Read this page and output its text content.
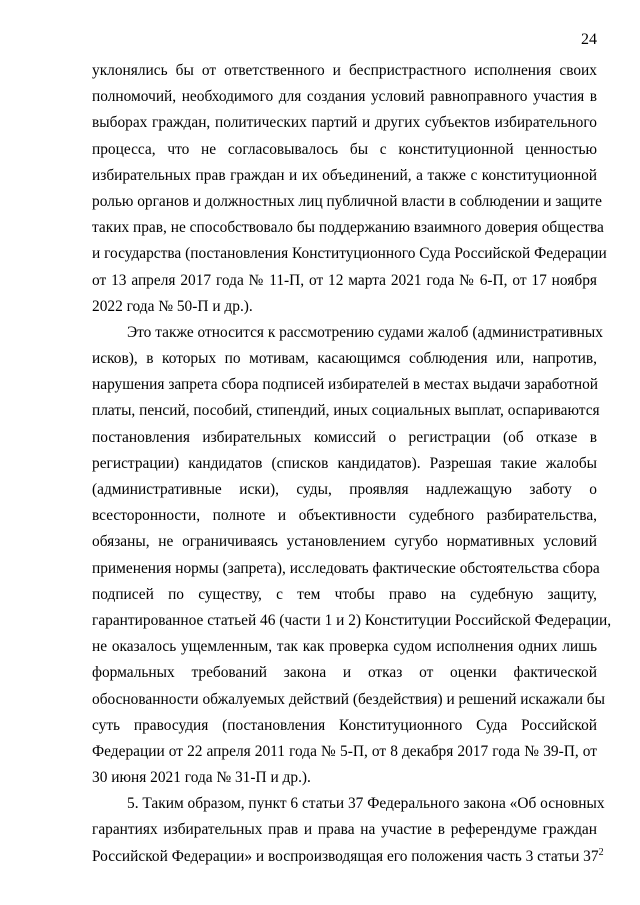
24
уклонялись бы от ответственного и беспристрастного исполнения своих
полномочий, необходимого для создания условий равноправного участия в
выборах граждан, политических партий и других субъектов избирательного
процесса, что не согласовывалось бы с конституционной ценностью
избирательных прав граждан и их объединений, а также с конституционной
ролью органов и должностных лиц публичной власти в соблюдении и защите
таких прав, не способствовало бы поддержанию взаимного доверия общества
и государства (постановления Конституционного Суда Российской Федерации
от 13 апреля 2017 года № 11-П, от 12 марта 2021 года № 6-П, от 17 ноября
2022 года № 50-П и др.).
Это также относится к рассмотрению судами жалоб (административных
исков), в которых по мотивам, касающимся соблюдения или, напротив,
нарушения запрета сбора подписей избирателей в местах выдачи заработной
платы, пенсий, пособий, стипендий, иных социальных выплат, оспариваются
постановления избирательных комиссий о регистрации (об отказе в
регистрации) кандидатов (списков кандидатов). Разрешая такие жалобы
(административные иски), суды, проявляя надлежащую заботу о
всесторонности, полноте и объективности судебного разбирательства,
обязаны, не ограничиваясь установлением сугубо нормативных условий
применения нормы (запрета), исследовать фактические обстоятельства сбора
подписей по существу, с тем чтобы право на судебную защиту,
гарантированное статьей 46 (части 1 и 2) Конституции Российской Федерации,
не оказалось ущемленным, так как проверка судом исполнения одних лишь
формальных требований закона и отказ от оценки фактической
обоснованности обжалуемых действий (бездействия) и решений искажали бы
суть правосудия (постановления Конституционного Суда Российской
Федерации от 22 апреля 2011 года № 5-П, от 8 декабря 2017 года № 39-П, от
30 июня 2021 года № 31-П и др.).
5. Таким образом, пункт 6 статьи 37 Федерального закона «Об основных
гарантиях избирательных прав и права на участие в референдуме граждан
Российской Федерации» и воспроизводящая его положения часть 3 статьи $37^2$
